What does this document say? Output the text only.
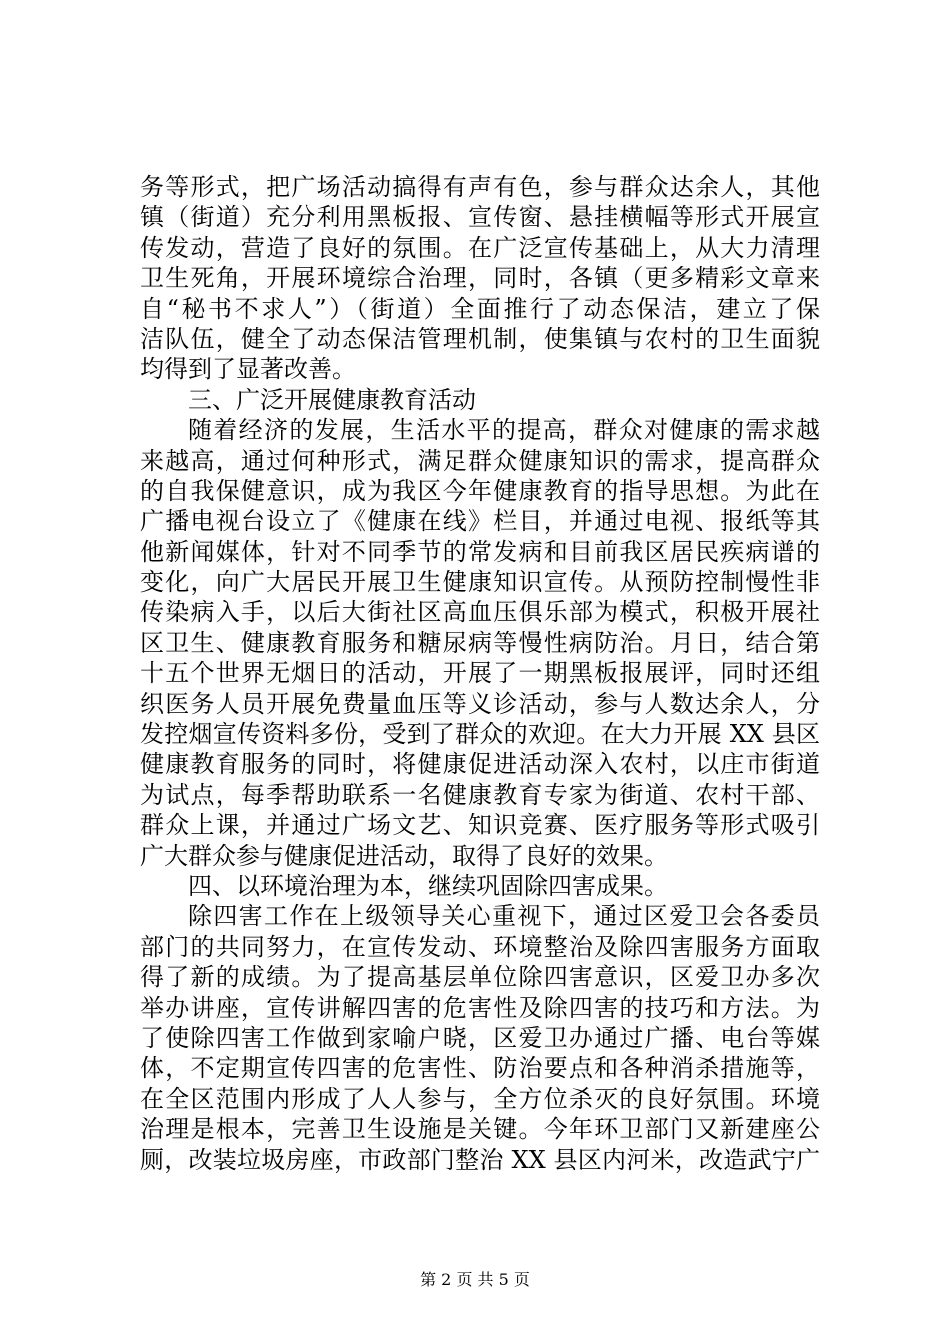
务等形式，把广场活动搞得有声有色，参与群众达余人，其他
镇（街道）充分利用黑板报、宣传窗、悬挂横幅等形式开展宣
传发动，营造了良好的氛围。在广泛宣传基础上，从大力清理
卫生死角，开展环境综合治理，同时，各镇（更多精彩文章来
自“秘书不求人”）（街道）全面推行了动态保洁，建立了保
洁队伍，健全了动态保洁管理机制，使集镇与农村的卫生面貌
均得到了显著改善。
三、广泛开展健康教育活动
随着经济的发展，生活水平的提高，群众对健康的需求越
来越高，通过何种形式，满足群众健康知识的需求，提高群众
的自我保健意识，成为我区今年健康教育的指导思想。为此在
广播电视台设立了《健康在线》栏目，并通过电视、报纸等其
他新闻媒体，针对不同季节的常发病和目前我区居民疾病谱的
变化，向广大居民开展卫生健康知识宣传。从预防控制慢性非
传染病入手，以后大街社区高血压俱乐部为模式，积极开展社
区卫生、健康教育服务和糖尿病等慢性病防治。月日，结合第
十五个世界无烟日的活动，开展了一期黑板报展评，同时还组
织医务人员开展免费量血压等义诊活动，参与人数达余人，分
发控烟宣传资料多份，受到了群众的欢迎。在大力开展 XX 县区
健康教育服务的同时，将健康促进活动深入农村，以庄市街道
为试点，每季帮助联系一名健康教育专家为街道、农村干部、
群众上课，并通过广场文艺、知识竞赛、医疗服务等形式吸引
广大群众参与健康促进活动，取得了良好的效果。
四、以环境治理为本，继续巩固除四害成果。
除四害工作在上级领导关心重视下，通过区爱卫会各委员
部门的共同努力，在宣传发动、环境整治及除四害服务方面取
得了新的成绩。为了提高基层单位除四害意识，区爱卫办多次
举办讲座，宣传讲解四害的危害性及除四害的技巧和方法。为
了使除四害工作做到家喻户晓，区爱卫办通过广播、电台等媒
体，不定期宣传四害的危害性、防治要点和各种消杀措施等，
在全区范围内形成了人人参与，全方位杀灭的良好氛围。环境
治理是根本，完善卫生设施是关键。今年环卫部门又新建座公
厕，改装垃圾房座，市政部门整治 XX 县区内河米，改造武宁广
第 2 页 共 5 页
